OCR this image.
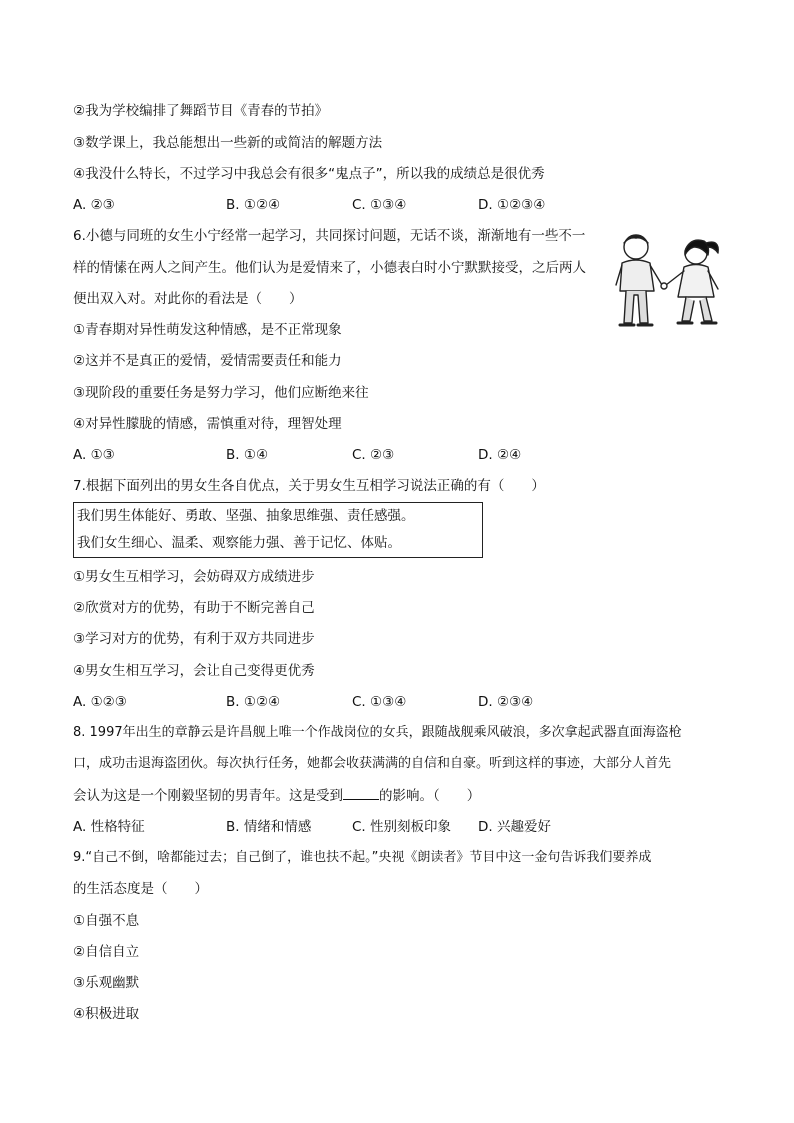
②我为学校编排了舞蹈节目《青春的节拍》
③数学课上，我总能想出一些新的或简洁的解题方法
④我没什么特长，不过学习中我总会有很多“鬼点子”，所以我的成绩总是很优秀
A. ②③	B. ①②④	C. ①③④	D. ①②③④
6.小德与同班的女生小宁经常一起学习，共同探讨问题，无话不谈，渐渐地有一些不一
样的情愫在两人之间产生。他们认为是爱情来了，小德表白时小宁默默接受，之后两人
便出双入对。对此你的看法是（　　）
①青春期对异性萌发这种情感，是不正常现象
②这并不是真正的爱情，爱情需要责任和能力
③现阶段的重要任务是努力学习，他们应断绝来往
④对异性朦胧的情感，需慎重对待，理智处理
A. ①③	B. ①④	C. ②③	D. ②④
7.根据下面列出的男女生各自优点，关于男女生互相学习说法正确的有（　　）
我们男生体能好、勇敢、坚强、抽象思维强、责任感强。
我们女生细心、温柔、观察能力强、善于记忆、体贴。
①男女生互相学习，会妨碍双方成绩进步
②欣赏对方的优势，有助于不断完善自己
③学习对方的优势，有利于双方共同进步
④男女生相互学习，会让自己变得更优秀
A. ①②③	B. ①②④	C. ①③④	D. ②③④
8. 1997年出生的章静云是许昌舰上唯一个作战岗位的女兵，跟随战舰乘风破浪，多次拿起武器直面海盗枪
口，成功击退海盗团伙。每次执行任务，她都会收获满满的自信和自豪。听到这样的事迹，大部分人首先
会认为这是一个刚毅坚韧的男青年。这是受到	的影响。（　　）
A. 性格特征	B. 情绪和情感	C. 性别刻板印象 D. 兴趣爱好
9.“自己不倒，啥都能过去；自己倒了，谁也扶不起。”央视《朗读者》节目中这一金句告诉我们要养成
的生活态度是（　　）
①自强不息
②自信自立
③乐观幽默
④积极进取
